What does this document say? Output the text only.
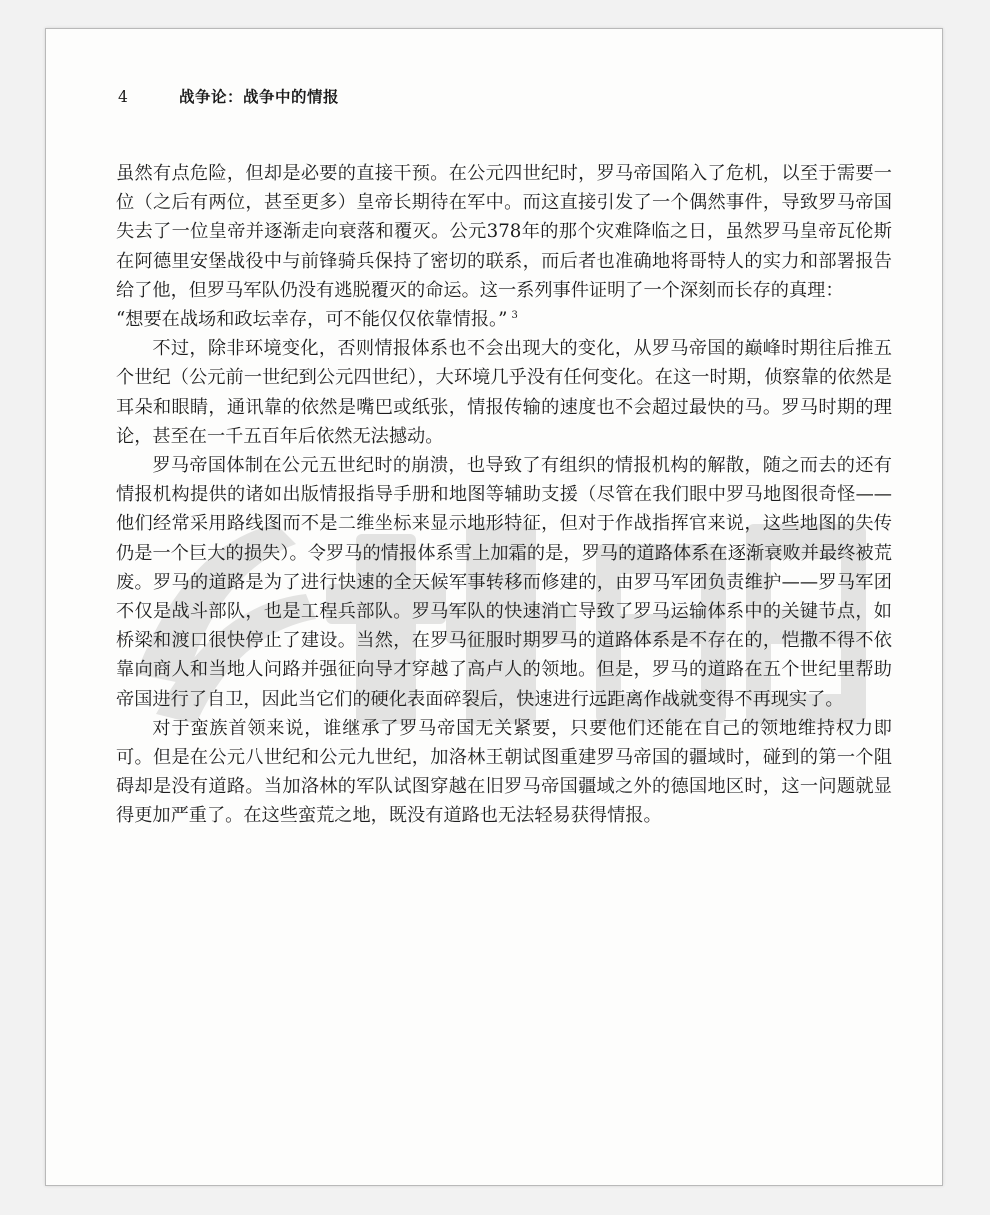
4	战争论：战争中的情报

虽然有点危险，但却是必要的直接干预。在公元四世纪时，罗马帝国陷入了危机，以至于需要一位（之后有两位，甚至更多）皇帝长期待在军中。而这直接引发了一个偶然事件，导致罗马帝国失去了一位皇帝并逐渐走向衰落和覆灭。公元378年的那个灾难降临之日，虽然罗马皇帝瓦伦斯在阿德里安堡战役中与前锋骑兵保持了密切的联系，而后者也准确地将哥特人的实力和部署报告给了他，但罗马军队仍没有逃脱覆灭的命运。这一系列事件证明了一个深刻而长存的真理：
“想要在战场和政坛幸存，可不能仅仅依靠情报。” $^3$

不过，除非环境变化，否则情报体系也不会出现大的变化，从罗马帝国的巅峰时期往后推五个世纪（公元前一世纪到公元四世纪），大环境几乎没有任何变化。在这一时期，侦察靠的依然是耳朵和眼睛，通讯靠的依然是嘴巴或纸张，情报传输的速度也不会超过最快的马。罗马时期的理论，甚至在一千五百年后依然无法撼动。

罗马帝国体制在公元五世纪时的崩溃，也导致了有组织的情报机构的解散，随之而去的还有情报机构提供的诸如出版情报指导手册和地图等辅助支援（尽管在我们眼中罗马地图很奇怪——他们经常采用路线图而不是二维坐标来显示地形特征，但对于作战指挥官来说，这些地图的失传仍是一个巨大的损失）。令罗马的情报体系雪上加霜的是，罗马的道路体系在逐渐衰败并最终被荒废。罗马的道路是为了进行快速的全天候军事转移而修建的，由罗马军团负责维护——罗马军团不仅是战斗部队，也是工程兵部队。罗马军队的快速消亡导致了罗马运输体系中的关键节点，如桥梁和渡口很快停止了建设。当然，在罗马征服时期罗马的道路体系是不存在的，恺撒不得不依靠向商人和当地人问路并强征向导才穿越了高卢人的领地。但是，罗马的道路在五个世纪里帮助帝国进行了自卫，因此当它们的硬化表面碎裂后，快速进行远距离作战就变得不再现实了。

对于蛮族首领来说，谁继承了罗马帝国无关紧要，只要他们还能在自己的领地维持权力即可。但是在公元八世纪和公元九世纪，加洛林王朝试图重建罗马帝国的疆域时，碰到的第一个阻碍却是没有道路。当加洛林的军队试图穿越在旧罗马帝国疆域之外的德国地区时，这一问题就显得更加严重了。在这些蛮荒之地，既没有道路也无法轻易获得情报。
